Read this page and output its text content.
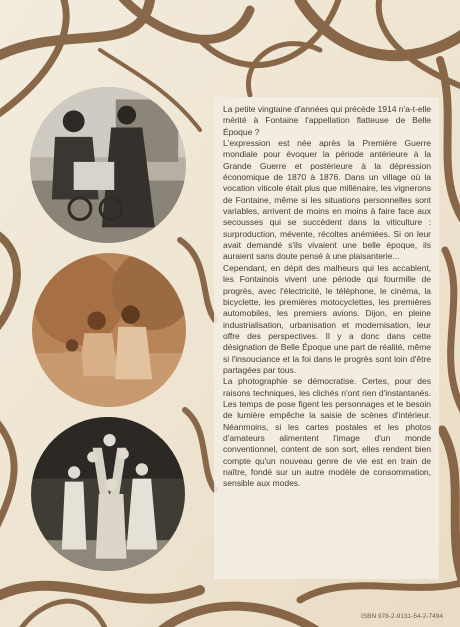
La petite vingtaine d'années qui précède 1914 n'a-t-elle mérité à Fontaine l'appellation flatteuse de Belle Époque ?

L'expression est née après la Première Guerre mondiale pour évoquer la période antérieure à la Grande Guerre et postérieure à la dépression économique de 1870 à 1876. Dans un village où la vocation viticole était plus que millénaire, les vignerons de Fontaine, même si les situations personnelles sont variables, arrivent de moins en moins à faire face aux secousses qui se succèdent dans la viticulture : surproduction, mévente, récoltes anémiées. Si on leur avait demandé s'ils vivaient une belle époque, ils auraient sans doute pensé à une plaisanterie...

Cependant, en dépit des malheurs qui les accablent, les Fontainois vivent une période qui fourmille de progrès, avec l'électricité, le téléphone, le cinéma, la bicyclette, les premières motocyclettes, les premières automobiles, les premiers avions. Dijon, en pleine industrialisation, urbanisation et modernisation, leur offre des perspectives. Il y a donc dans cette désignation de Belle Époque une part de réalité, même si l'insouciance et la foi dans le progrès sont loin d'être partagées par tous.

La photographie se démocratise. Certes, pour des raisons techniques, les clichés n'ont rien d'instantanés. Les temps de pose figent les personnages et le besoin de lumière empêche la saisie de scènes d'intérieur. Néanmoins, si les cartes postales et les photos d'amateurs alimentent l'image d'un monde conventionnel, content de son sort, elles rendent bien compte qu'un nouveau genre de vie est en train de naître, fondé sur un autre modèle de consommation, sensible aux modes.

ISBN 978-2-9131-54-2-7494
